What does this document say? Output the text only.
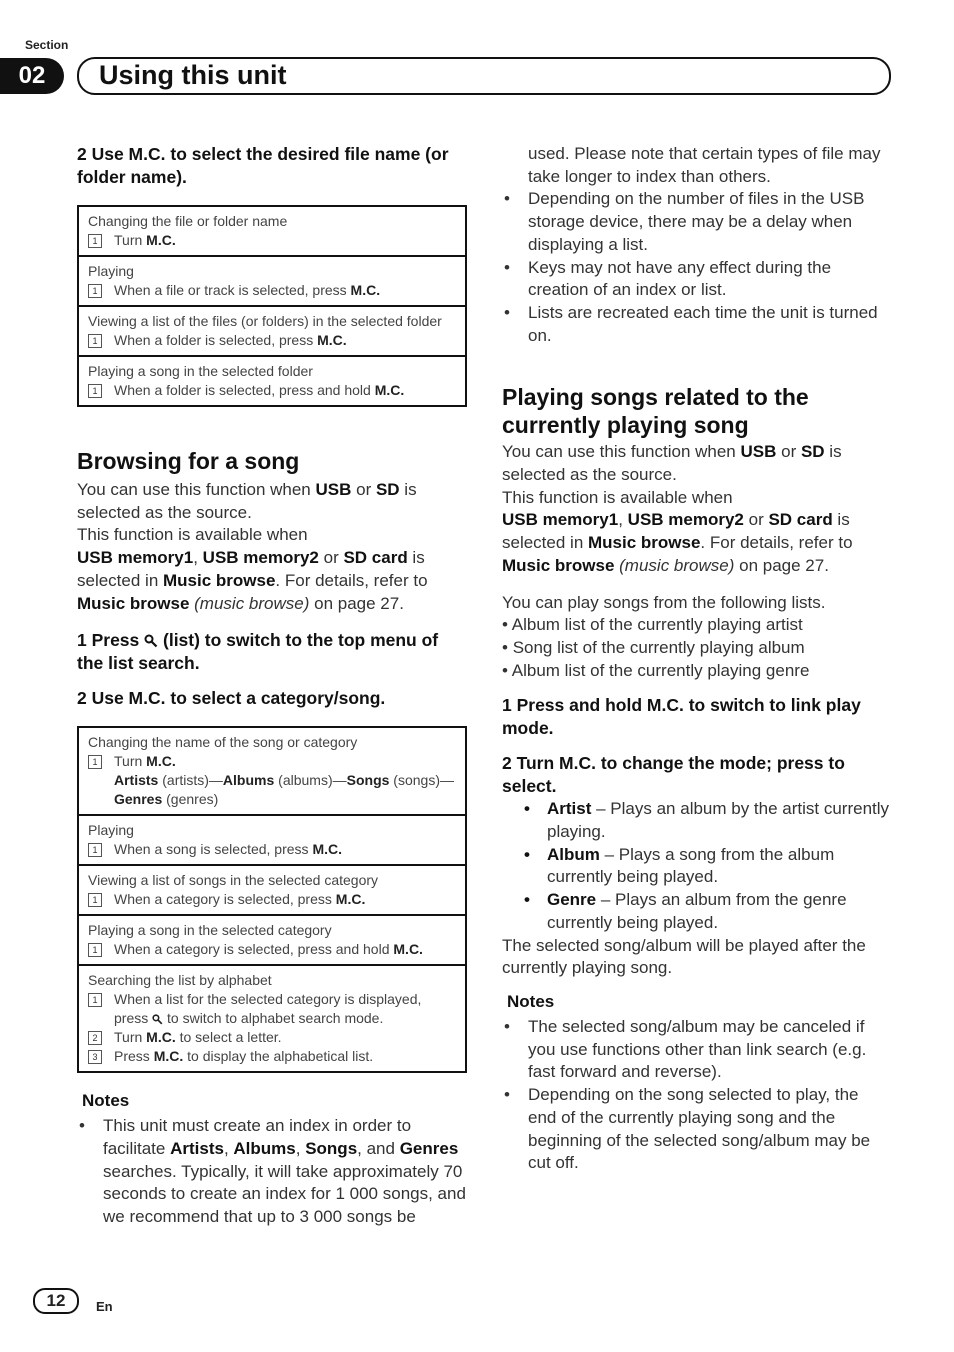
Section
02	Using this unit
2 Use M.C. to select the desired file name (or folder name).
Changing the file or folder name
1	Turn M.C.
Playing
1	When a file or track is selected, press M.C.
Viewing a list of the files (or folders) in the selected folder
1	When a folder is selected, press M.C.
Playing a song in the selected folder
1	When a folder is selected, press and hold M.C.
Browsing for a song
You can use this function when USB or SD is selected as the source.
This function is available when
USB memory1, USB memory2 or SD card is selected in Music browse. For details, refer to Music browse (music browse) on page 27.
1 Press  (list) to switch to the top menu of the list search.
2 Use M.C. to select a category/song.
Changing the name of the song or category
1	Turn M.C.
Artists (artists)—Albums (albums)—Songs (songs)—Genres (genres)
Playing
1	When a song is selected, press M.C.
Viewing a list of songs in the selected category
1	When a category is selected, press M.C.
Playing a song in the selected category
1	When a category is selected, press and hold M.C.
Searching the list by alphabet
1	When a list for the selected category is displayed, press  to switch to alphabet search mode.
2	Turn M.C. to select a letter.
3	Press M.C. to display the alphabetical list.
Notes
• This unit must create an index in order to facilitate Artists, Albums, Songs, and Genres searches. Typically, it will take approximately 70 seconds to create an index for 1 000 songs, and we recommend that up to 3 000 songs be
used. Please note that certain types of file may take longer to index than others.
• Depending on the number of files in the USB storage device, there may be a delay when displaying a list.
• Keys may not have any effect during the creation of an index or list.
• Lists are recreated each time the unit is turned on.
Playing songs related to the currently playing song
You can use this function when USB or SD is selected as the source.
This function is available when
USB memory1, USB memory2 or SD card is selected in Music browse. For details, refer to Music browse (music browse) on page 27.
You can play songs from the following lists.
• Album list of the currently playing artist
• Song list of the currently playing album
• Album list of the currently playing genre
1 Press and hold M.C. to switch to link play mode.
2 Turn M.C. to change the mode; press to select.
• Artist – Plays an album by the artist currently playing.
• Album – Plays a song from the album currently being played.
• Genre – Plays an album from the genre currently being played.
The selected song/album will be played after the currently playing song.
Notes
• The selected song/album may be canceled if you use functions other than link search (e.g. fast forward and reverse).
• Depending on the song selected to play, the end of the currently playing song and the beginning of the selected song/album may be cut off.
12	En
